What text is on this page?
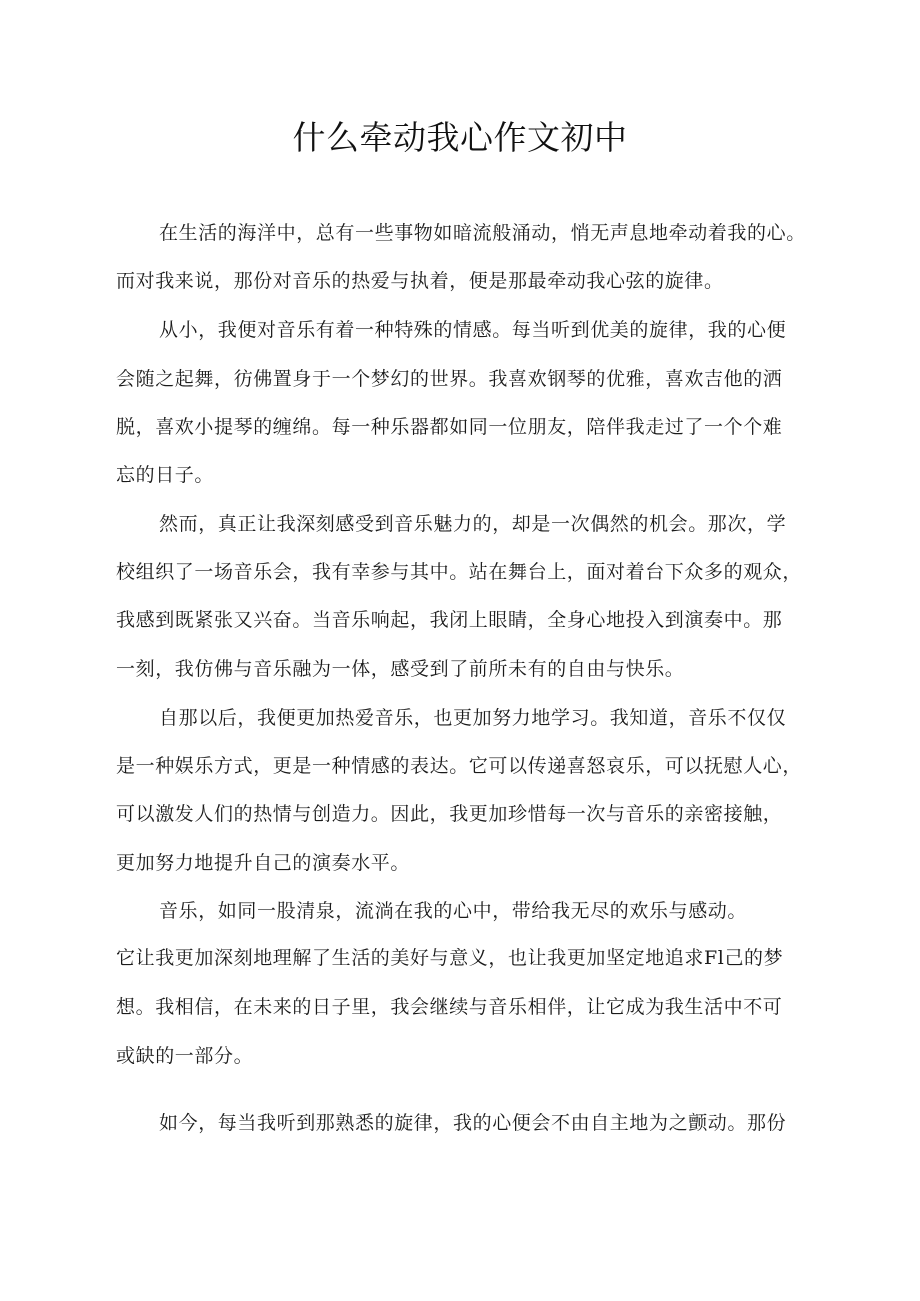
什么牵动我心作文初中
在生活的海洋中，总有一些事物如暗流般涌动，悄无声息地牵动着我的心。
而对我来说，那份对音乐的热爱与执着，便是那最牵动我心弦的旋律。
从小，我便对音乐有着一种特殊的情感。每当听到优美的旋律，我的心便
会随之起舞，彷佛置身于一个梦幻的世界。我喜欢钢琴的优雅，喜欢吉他的洒
脱，喜欢小提琴的缠绵。每一种乐器都如同一位朋友，陪伴我走过了一个个难
忘的日子。
然而，真正让我深刻感受到音乐魅力的，却是一次偶然的机会。那次，学
校组织了一场音乐会，我有幸参与其中。站在舞台上，面对着台下众多的观众，
我感到既紧张又兴奋。当音乐响起，我闭上眼睛，全身心地投入到演奏中。那
一刻，我仿佛与音乐融为一体，感受到了前所未有的自由与快乐。
自那以后，我便更加热爱音乐，也更加努力地学习。我知道，音乐不仅仅
是一种娱乐方式，更是一种情感的表达。它可以传递喜怒哀乐，可以抚慰人心，
可以激发人们的热情与创造力。因此，我更加珍惜每一次与音乐的亲密接触，
更加努力地提升自己的演奏水平。
音乐，如同一股清泉，流淌在我的心中，带给我无尽的欢乐与感动。
它让我更加深刻地理解了生活的美好与意义，也让我更加坚定地追求Fl己的梦
想。我相信，在未来的日子里，我会继续与音乐相伴，让它成为我生活中不可
或缺的一部分。
如今，每当我听到那熟悉的旋律，我的心便会不由自主地为之颤动。那份
